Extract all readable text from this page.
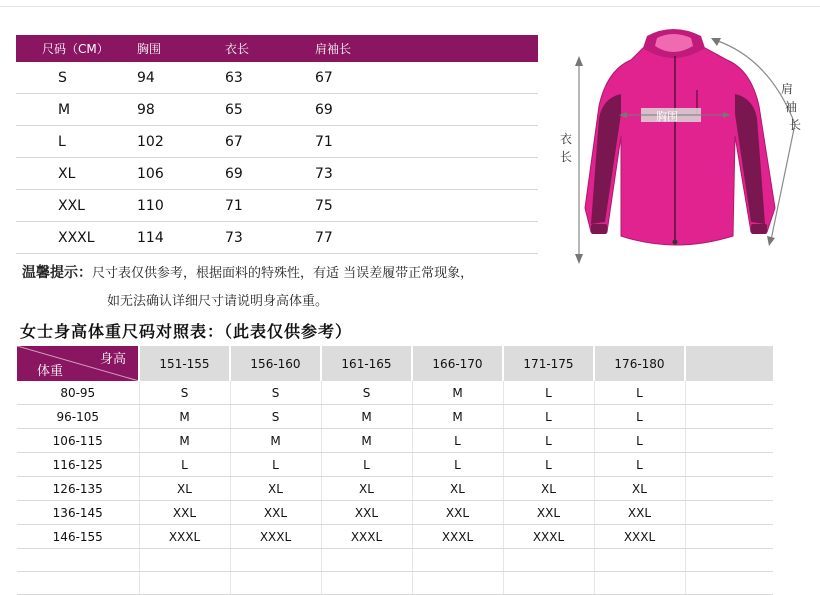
尺码（CM）	胸围	衣长	肩袖长
S	94	63	67
M	98	65	69
L	102	67	71
XL	106	69	73
XXL	110	71	75
XXXL	114	73	77
胸围
衣
长
肩
袖
长
温馨提示：尺寸表仅供参考，根据面料的特殊性，有适 当误差履带正常现象，
如无法确认详细尺寸请说明身高体重。
女士身高体重尺码对照表：（此表仅供参考）
身高
体重	151-155	156-160	161-165	166-170	171-175	176-180	
80-95	S	S	S	M	L	L	
96-105	M	S	M	M	L	L	
106-115	M	M	M	L	L	L	
116-125	L	L	L	L	L	L	
126-135	XL	XL	XL	XL	XL	XL	
136-145	XXL	XXL	XXL	XXL	XXL	XXL	
146-155	XXXL	XXXL	XXXL	XXXL	XXXL	XXXL	
